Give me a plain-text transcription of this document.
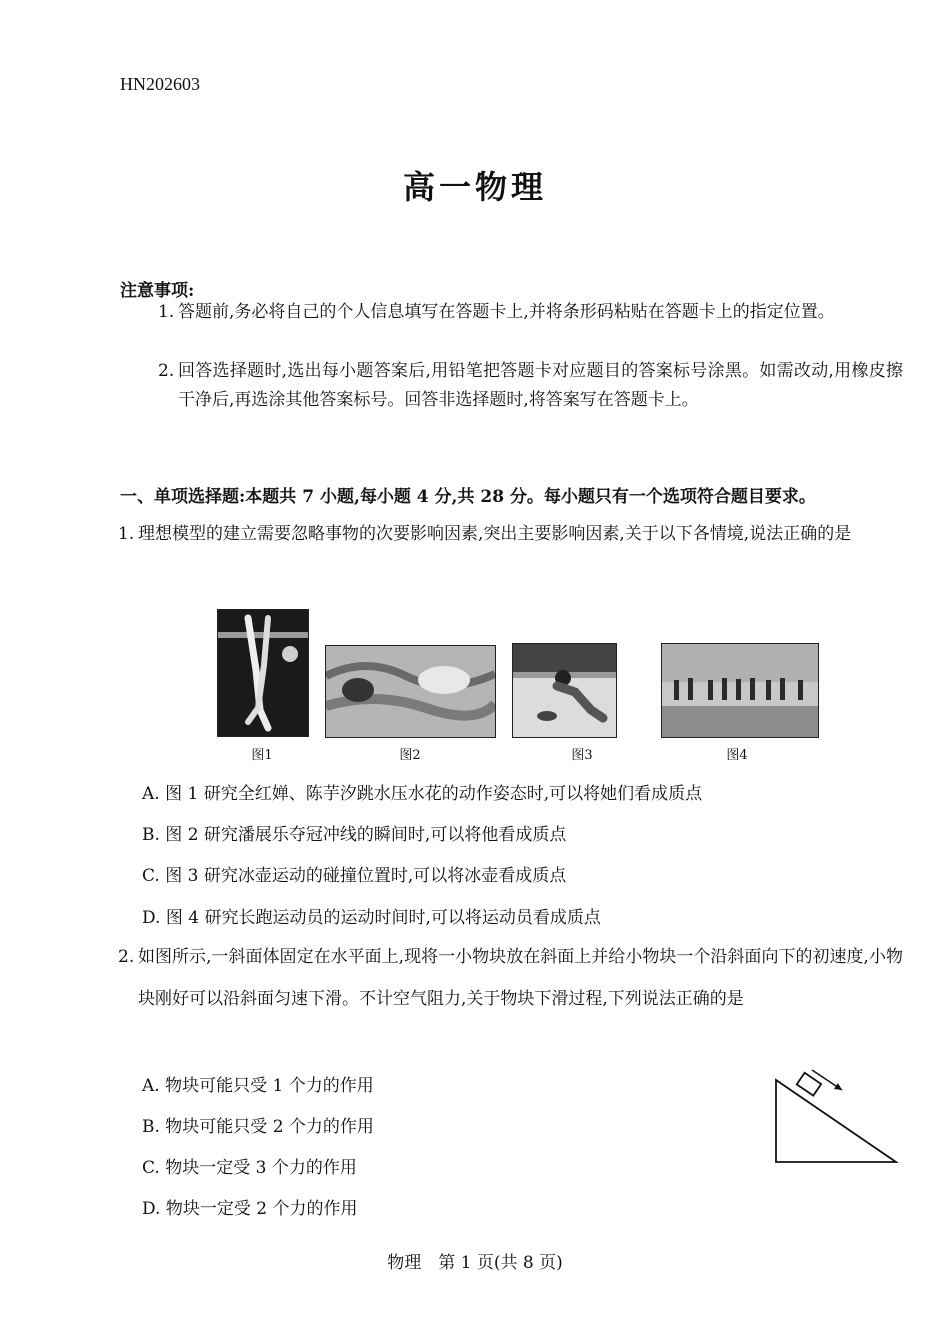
HN202603
高一物理
注意事项:
1. 答题前,务必将自己的个人信息填写在答题卡上,并将条形码粘贴在答题卡上的指定位置。
2. 回答选择题时,选出每小题答案后,用铅笔把答题卡对应题目的答案标号涂黑。如需改动,用橡皮擦干净后,再选涂其他答案标号。回答非选择题时,将答案写在答题卡上。
一、单项选择题:本题共 7 小题,每小题 4 分,共 28 分。每小题只有一个选项符合题目要求。
1. 理想模型的建立需要忽略事物的次要影响因素,突出主要影响因素,关于以下各情境,说法正确的是
图1	图2	图3	图4
A. 图 1 研究全红婵、陈芋汐跳水压水花的动作姿态时,可以将她们看成质点
B. 图 2 研究潘展乐夺冠冲线的瞬间时,可以将他看成质点
C. 图 3 研究冰壶运动的碰撞位置时,可以将冰壶看成质点
D. 图 4 研究长跑运动员的运动时间时,可以将运动员看成质点
2. 如图所示,一斜面体固定在水平面上,现将一小物块放在斜面上并给小物块一个沿斜面向下的初速度,小物块刚好可以沿斜面匀速下滑。不计空气阻力,关于物块下滑过程,下列说法正确的是
A. 物块可能只受 1 个力的作用
B. 物块可能只受 2 个力的作用
C. 物块一定受 3 个力的作用
D. 物块一定受 2 个力的作用
物理　第 1 页(共 8 页)
